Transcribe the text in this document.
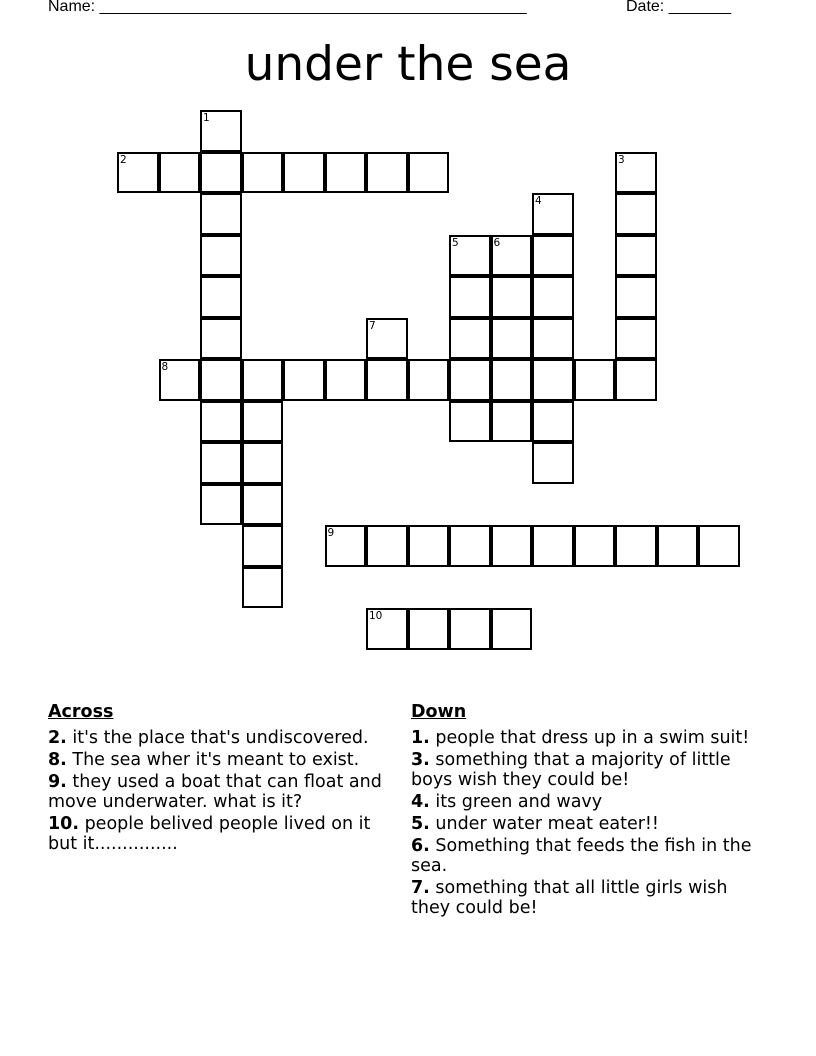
Name: ________________________________________________	Date: _______
under the sea
1
2	3
4
5	6
7
8
9
10
Across
2. it's the place that's undiscovered.
8. The sea wher it's meant to exist.
9. they used a boat that can float and move underwater. what is it?
10. people belived people lived on it but it...............
Down
1. people that dress up in a swim suit!
3. something that a majority of little boys wish they could be!
4. its green and wavy
5. under water meat eater!!
6. Something that feeds the fish in the sea.
7. something that all little girls wish they could be!
